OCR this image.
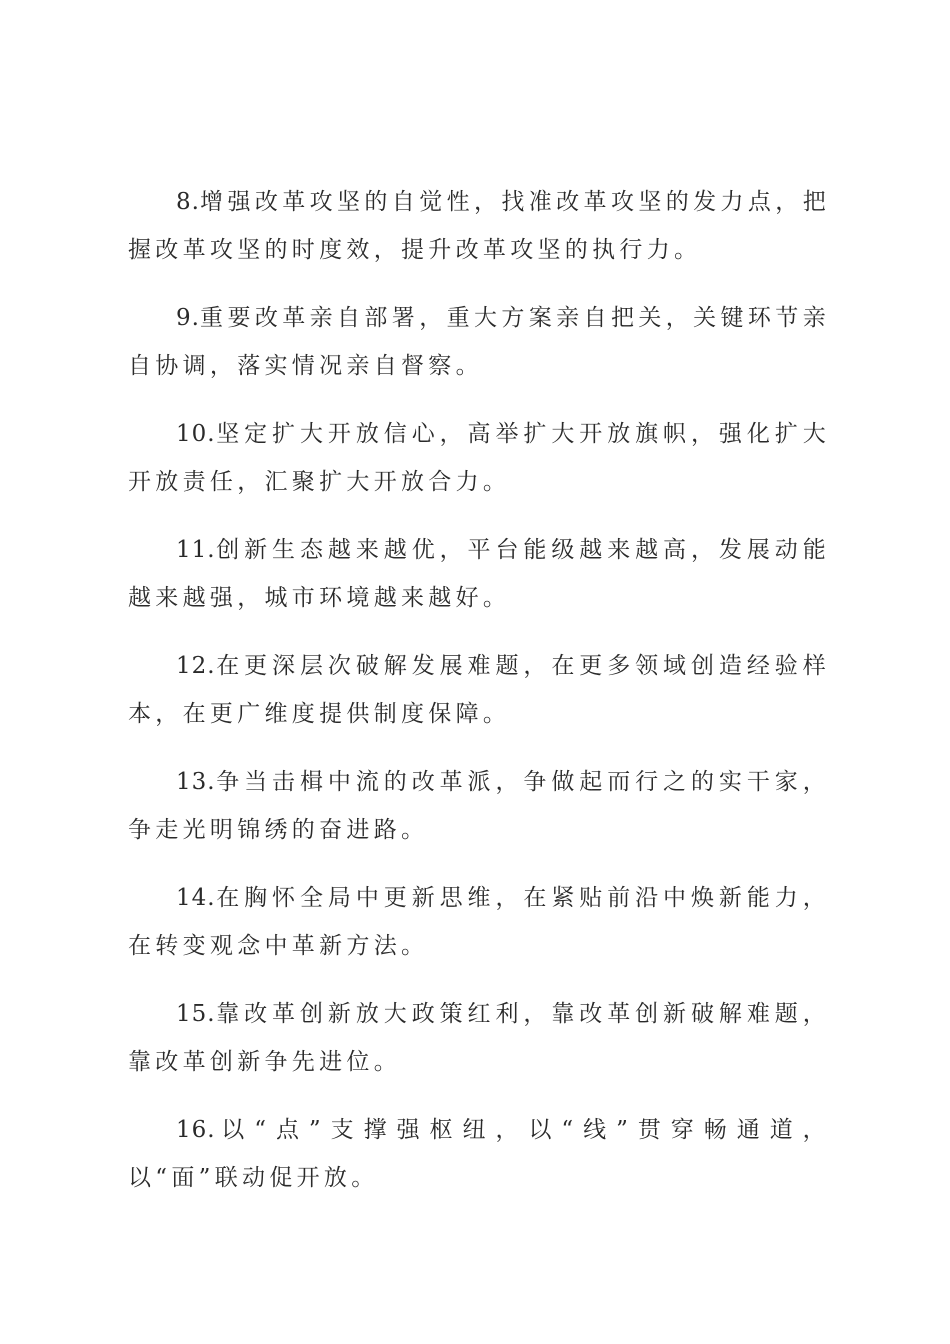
8.增强改革攻坚的自觉性，找准改革攻坚的发力点，把握改革攻坚的时度效，提升改革攻坚的执行力。

9.重要改革亲自部署，重大方案亲自把关，关键环节亲自协调，落实情况亲自督察。

10.坚定扩大开放信心，高举扩大开放旗帜，强化扩大开放责任，汇聚扩大开放合力。

11.创新生态越来越优，平台能级越来越高，发展动能越来越强，城市环境越来越好。

12.在更深层次破解发展难题，在更多领域创造经验样本，在更广维度提供制度保障。

13.争当击楫中流的改革派，争做起而行之的实干家，争走光明锦绣的奋进路。

14.在胸怀全局中更新思维，在紧贴前沿中焕新能力，在转变观念中革新方法。

15.靠改革创新放大政策红利，靠改革创新破解难题，靠改革创新争先进位。

16.以“点”支撑强枢纽，以“线”贯穿畅通道，以“面”联动促开放。
